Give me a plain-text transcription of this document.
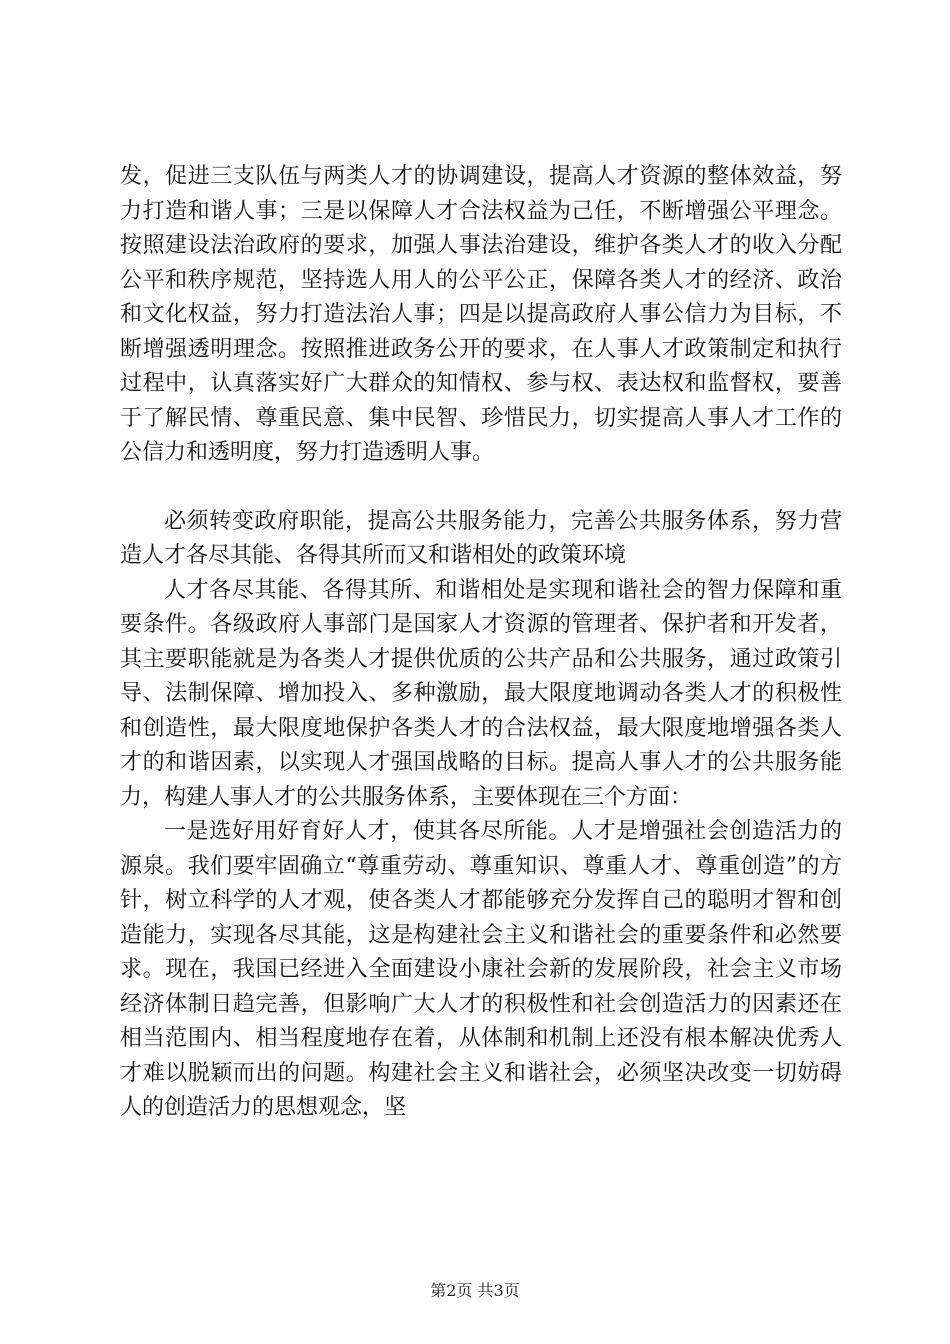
发，促进三支队伍与两类人才的协调建设，提高人才资源的整体效益，努力打造和谐人事；三是以保障人才合法权益为己任，不断增强公平理念。按照建设法治政府的要求，加强人事法治建设，维护各类人才的收入分配公平和秩序规范，坚持选人用人的公平公正，保障各类人才的经济、政治和文化权益，努力打造法治人事；四是以提高政府人事公信力为目标，不断增强透明理念。按照推进政务公开的要求，在人事人才政策制定和执行过程中，认真落实好广大群众的知情权、参与权、表达权和监督权，要善于了解民情、尊重民意、集中民智、珍惜民力，切实提高人事人才工作的公信力和透明度，努力打造透明人事。

必须转变政府职能，提高公共服务能力，完善公共服务体系，努力营造人才各尽其能、各得其所而又和谐相处的政策环境

人才各尽其能、各得其所、和谐相处是实现和谐社会的智力保障和重要条件。各级政府人事部门是国家人才资源的管理者、保护者和开发者，其主要职能就是为各类人才提供优质的公共产品和公共服务，通过政策引导、法制保障、增加投入、多种激励，最大限度地调动各类人才的积极性和创造性，最大限度地保护各类人才的合法权益，最大限度地增强各类人才的和谐因素，以实现人才强国战略的目标。提高人事人才的公共服务能力，构建人事人才的公共服务体系，主要体现在三个方面：

一是选好用好育好人才，使其各尽所能。人才是增强社会创造活力的源泉。我们要牢固确立“尊重劳动、尊重知识、尊重人才、尊重创造”的方针，树立科学的人才观，使各类人才都能够充分发挥自己的聪明才智和创造能力，实现各尽其能，这是构建社会主义和谐社会的重要条件和必然要求。现在，我国已经进入全面建设小康社会新的发展阶段，社会主义市场经济体制日趋完善，但影响广大人才的积极性和社会创造活力的因素还在相当范围内、相当程度地存在着，从体制和机制上还没有根本解决优秀人才难以脱颖而出的问题。构建社会主义和谐社会，必须坚决改变一切妨碍人的创造活力的思想观念，坚

第2页 共3页
